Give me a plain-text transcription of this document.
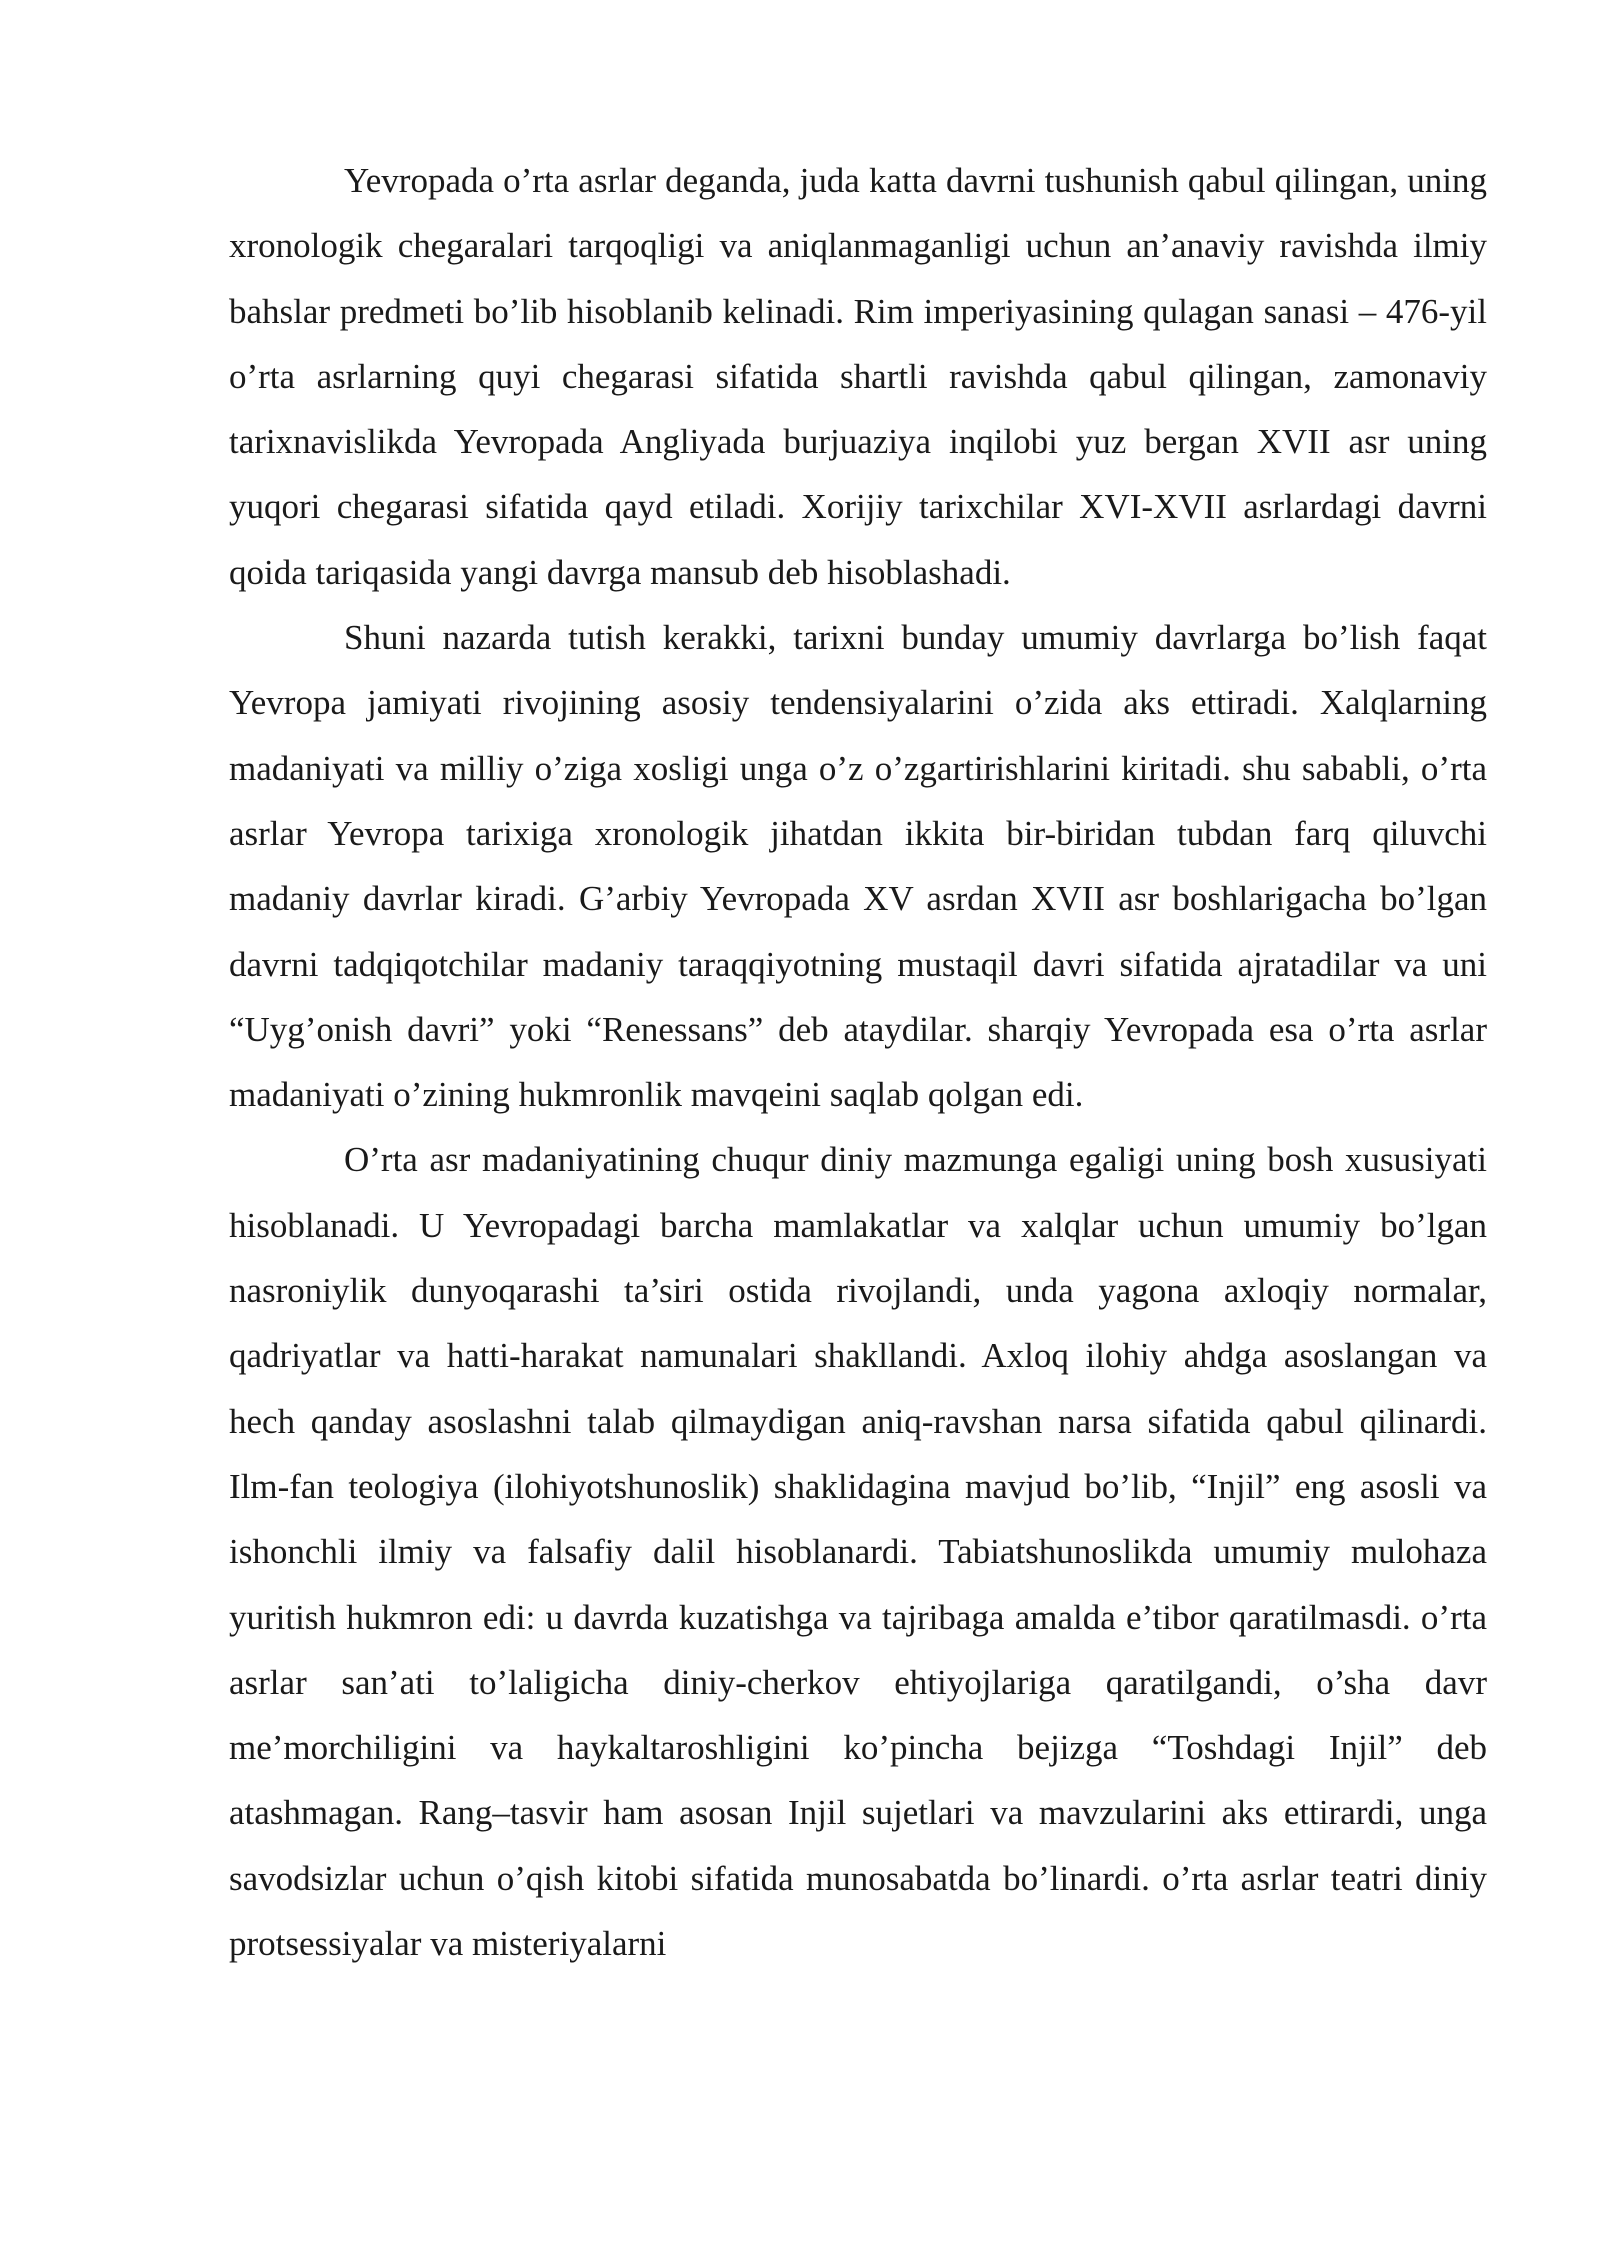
Yevropada o’rta asrlar deganda, juda katta davrni tushunish qabul qilingan, uning xronologik chegaralari tarqoqligi va aniqlanmaganligi uchun an’anaviy ravishda ilmiy bahslar predmeti bo’lib hisoblanib kelinadi. Rim imperiyasining qulagan sanasi – 476-yil o’rta asrlarning quyi chegarasi sifatida shartli ravishda qabul qilingan, zamonaviy tarixnavislikda Yevropada Angliyada burjuaziya inqilobi yuz bergan XVII asr uning yuqori chegarasi sifatida qayd etiladi. Xorijiy tarixchilar XVI-XVII asrlardagi davrni qoida tariqasida yangi davrga mansub deb hisoblashadi.

Shuni nazarda tutish kerakki, tarixni bunday umumiy davrlarga bo’lish faqat Yevropa jamiyati rivojining asosiy tendensiyalarini o’zida aks ettiradi. Xalqlarning madaniyati va milliy o’ziga xosligi unga o’z o’zgartirishlarini kiritadi. shu sababli, o’rta asrlar Yevropa tarixiga xronologik jihatdan ikkita bir-biridan tubdan farq qiluvchi madaniy davrlar kiradi. G’arbiy Yevropada XV asrdan XVII asr boshlarigacha bo’lgan davrni tadqiqotchilar madaniy taraqqiyotning mustaqil davri sifatida ajratadilar va uni “Uyg’onish davri” yoki “Renessans” deb ataydilar. sharqiy Yevropada esa o’rta asrlar madaniyati o’zining hukmronlik mavqeini saqlab qolgan edi.

O’rta asr madaniyatining chuqur diniy mazmunga egaligi uning bosh xususiyati hisoblanadi. U Yevropadagi barcha mamlakatlar va xalqlar uchun umumiy bo’lgan nasroniylik dunyoqarashi ta’siri ostida rivojlandi, unda yagona axloqiy normalar, qadriyatlar va hatti-harakat namunalari shakllandi. Axloq ilohiy ahdga asoslangan va hech qanday asoslashni talab qilmaydigan aniq-ravshan narsa sifatida qabul qilinardi. Ilm-fan teologiya (ilohiyotshunoslik) shaklidagina mavjud bo’lib, “Injil” eng asosli va ishonchli ilmiy va falsafiy dalil hisoblanardi. Tabiatshunoslikda umumiy mulohaza yuritish hukmron edi: u davrda kuzatishga va tajribaga amalda e’tibor qaratilmasdi. o’rta asrlar san’ati to’laligicha diniy-cherkov ehtiyojlariga qaratilgandi, o’sha davr me’morchiligini va haykaltaroshligini ko’pincha bejizga “Toshdagi Injil” deb atashmagan. Rang–tasvir ham asosan Injil sujetlari va mavzularini aks ettirardi, unga savodsizlar uchun o’qish kitobi sifatida munosabatda bo’linardi. o’rta asrlar teatri diniy protsessiyalar va misteriyalarni
